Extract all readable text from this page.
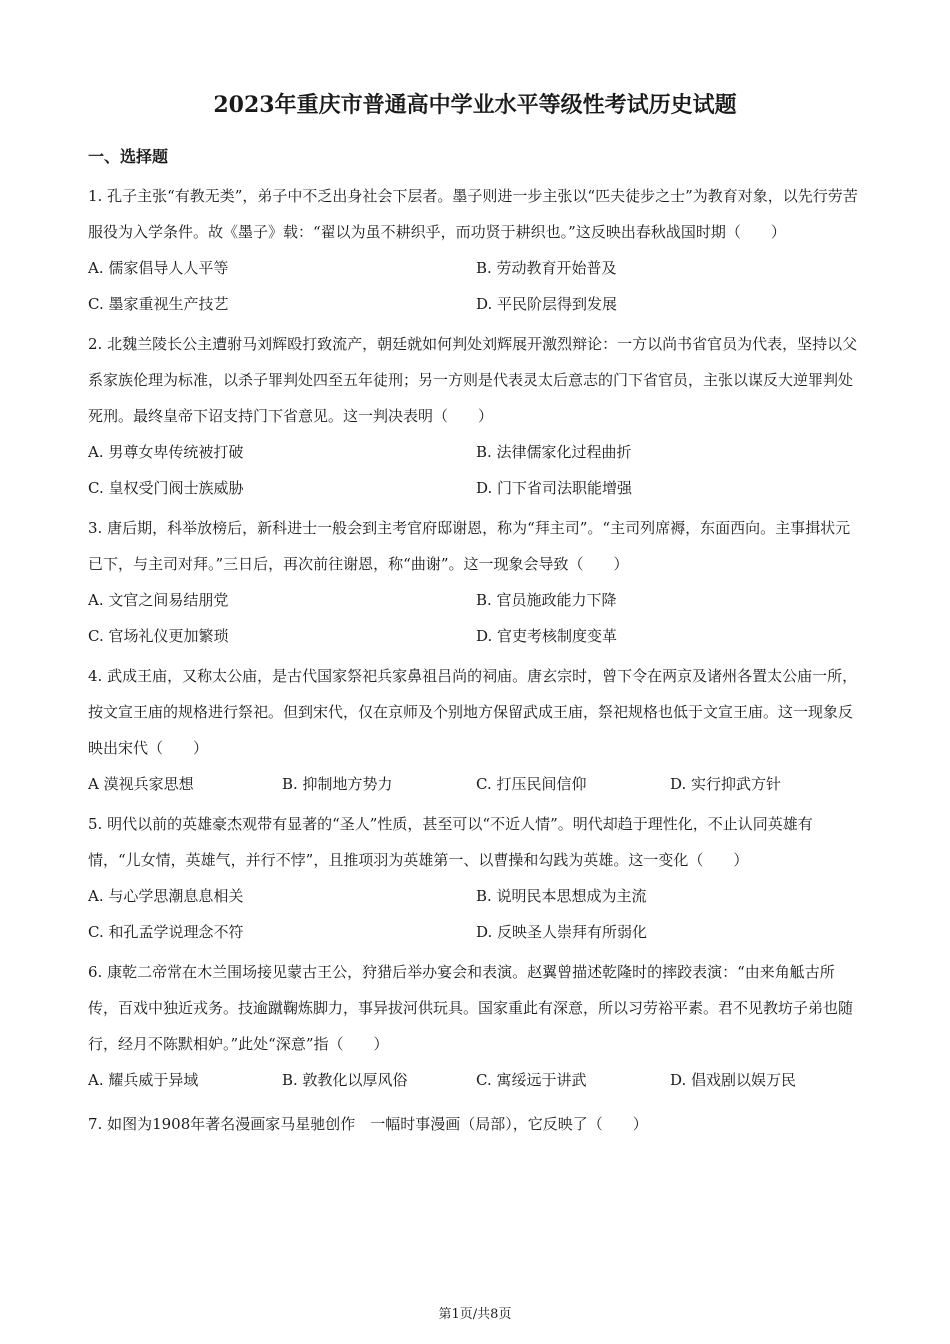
2023年重庆市普通高中学业水平等级性考试历史试题
一、选择题

1. 孔子主张“有教无类”，弟子中不乏出身社会下层者。墨子则进一步主张以“匹夫徒步之士”为教育对象，以先行劳苦服役为入学条件。故《墨子》载：“翟以为虽不耕织乎，而功贤于耕织也。”这反映出春秋战国时期（　　）

A. 儒家倡导人人平等	B. 劳动教育开始普及
C. 墨家重视生产技艺	D. 平民阶层得到发展

2. 北魏兰陵长公主遭驸马刘辉殴打致流产，朝廷就如何判处刘辉展开激烈辩论：一方以尚书省官员为代表，坚持以父系家族伦理为标准，以杀子罪判处四至五年徒刑；另一方则是代表灵太后意志的门下省官员，主张以谋反大逆罪判处死刑。最终皇帝下诏支持门下省意见。这一判决表明（　　）

A. 男尊女卑传统被打破	B. 法律儒家化过程曲折
C. 皇权受门阀士族威胁	D. 门下省司法职能增强

3. 唐后期，科举放榜后，新科进士一般会到主考官府邸谢恩，称为“拜主司”。“主司列席褥，东面西向。主事揖状元已下，与主司对拜。”三日后，再次前往谢恩，称“曲谢”。这一现象会导致（　　）

A. 文官之间易结朋党	B. 官员施政能力下降
C. 官场礼仪更加繁琐	D. 官吏考核制度变革

4. 武成王庙，又称太公庙，是古代国家祭祀兵家鼻祖吕尚的祠庙。唐玄宗时，曾下令在两京及诸州各置太公庙一所，按文宣王庙的规格进行祭祀。但到宋代，仅在京师及个别地方保留武成王庙，祭祀规格也低于文宣王庙。这一现象反映出宋代（　　）

A 漠视兵家思想	B. 抑制地方势力	C. 打压民间信仰	D. 实行抑武方针

5. 明代以前的英雄豪杰观带有显著的“圣人”性质，甚至可以“不近人情”。明代却趋于理性化，不止认同英雄有情，“儿女情，英雄气，并行不悖”，且推项羽为英雄第一、以曹操和勾践为英雄。这一变化（　　）

A. 与心学思潮息息相关	B. 说明民本思想成为主流
C. 和孔孟学说理念不符	D. 反映圣人崇拜有所弱化

6. 康乾二帝常在木兰围场接见蒙古王公，狩猎后举办宴会和表演。赵翼曾描述乾隆时的摔跤表演：“由来角觝古所传，百戏中独近戎务。技逾蹴鞠炼脚力，事异拔河供玩具。国家重此有深意，所以习劳裕平素。君不见教坊子弟也随行，经月不陈默相妒。”此处“深意”指（　　）

A. 耀兵威于异域	B. 敦教化以厚风俗	C. 寓绥远于讲武	D. 倡戏剧以娱万民

7. 如图为1908年著名漫画家马星驰创作　一幅时事漫画（局部），它反映了（　　）

第1页/共8页
